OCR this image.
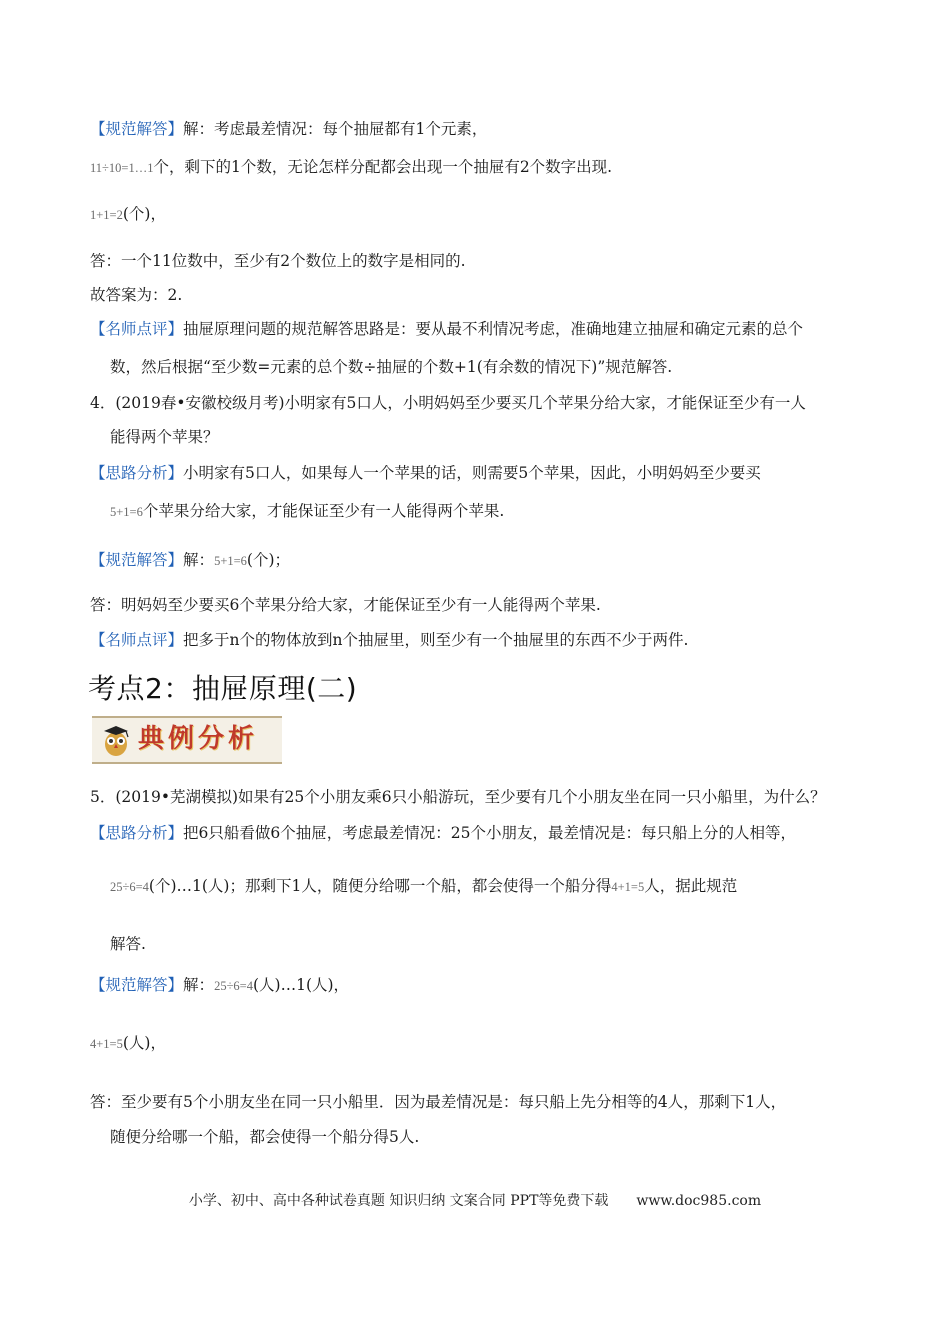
【规范解答】解：考虑最差情况：每个抽屉都有1个元素，
11÷10=1…1个，剩下的1个数，无论怎样分配都会出现一个抽屉有2个数字出现.
1+1=2(个)，
答：一个11位数中，至少有2个数位上的数字是相同的.
故答案为：2.
【名师点评】抽屉原理问题的规范解答思路是：要从最不利情况考虑，准确地建立抽屉和确定元素的总个
数，然后根据“至少数=元素的总个数÷抽屉的个数+1(有余数的情况下)”规范解答.
4．(2019春•安徽校级月考)小明家有5口人，小明妈妈至少要买几个苹果分给大家，才能保证至少有一人
能得两个苹果？
【思路分析】小明家有5口人，如果每人一个苹果的话，则需要5个苹果，因此，小明妈妈至少要买
5+1=6个苹果分给大家，才能保证至少有一人能得两个苹果.
【规范解答】解：5+1=6(个)；
答：明妈妈至少要买6个苹果分给大家，才能保证至少有一人能得两个苹果.
【名师点评】把多于n个的物体放到n个抽屉里，则至少有一个抽屉里的东西不少于两件.
考点2：抽屉原理(二)
典例分析
5．(2019•芜湖模拟)如果有25个小朋友乘6只小船游玩，至少要有几个小朋友坐在同一只小船里，为什么？
【思路分析】把6只船看做6个抽屉，考虑最差情况：25个小朋友，最差情况是：每只船上分的人相等，
25÷6=4(个)…1(人)；那剩下1人，随便分给哪一个船，都会使得一个船分得4+1=5人，据此规范
解答.
【规范解答】解：25÷6=4(人)…1(人)，
4+1=5(人)，
答：至少要有5个小朋友坐在同一只小船里．因为最差情况是：每只船上先分相等的4人，那剩下1人，
随便分给哪一个船，都会使得一个船分得5人.
小学、初中、高中各种试卷真题 知识归纳 文案合同 PPT等免费下载 www.doc985.com
